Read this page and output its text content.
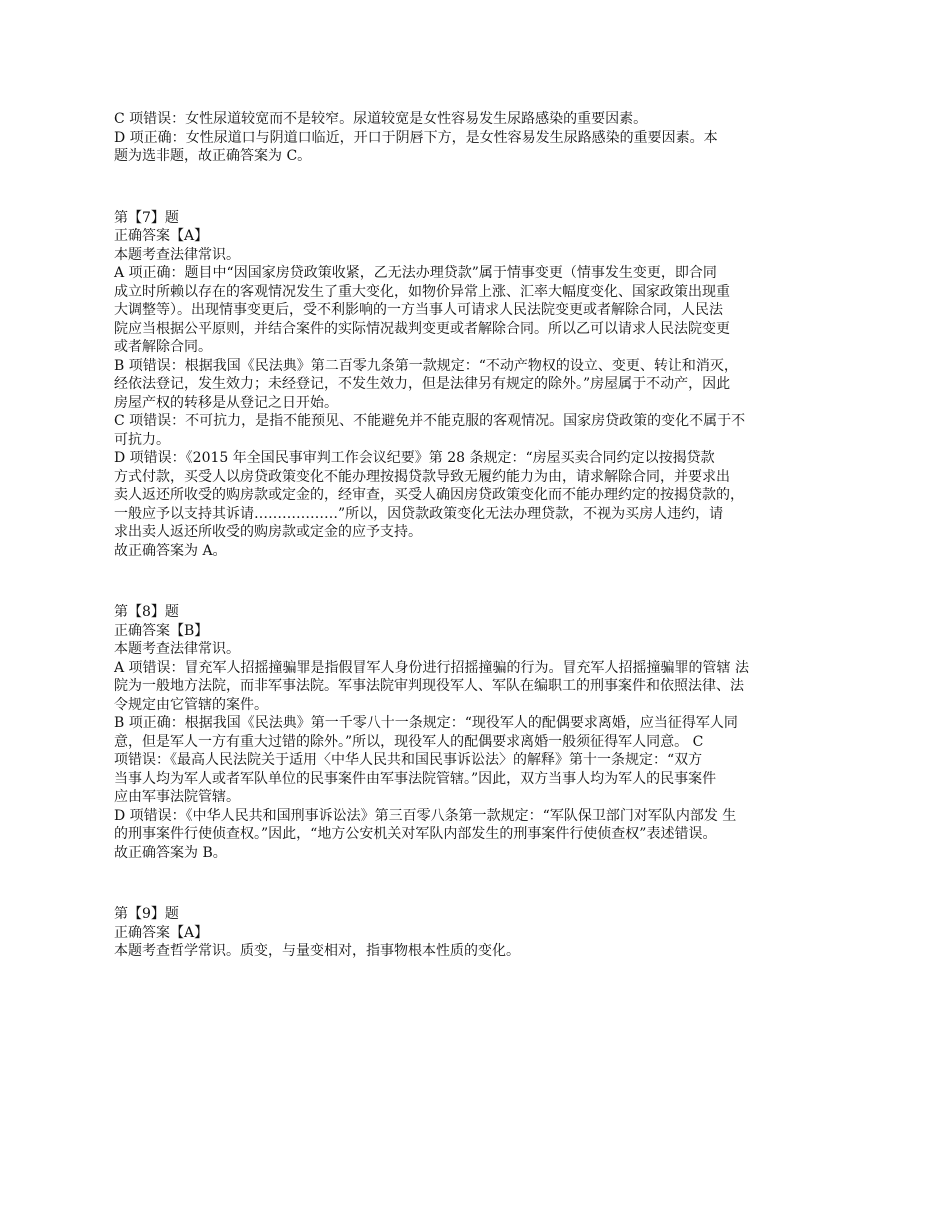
C 项错误：女性尿道较宽而不是较窄。尿道较宽是女性容易发生尿路感染的重要因素。
D 项正确：女性尿道口与阴道口临近，开口于阴唇下方，是女性容易发生尿路感染的重要因素。本
题为选非题，故正确答案为 C。
第【7】题
正确答案【A】
本题考查法律常识。
A 项正确：题目中“因国家房贷政策收紧，乙无法办理贷款”属于情事变更（情事发生变更，即合同
成立时所赖以存在的客观情况发生了重大变化，如物价异常上涨、汇率大幅度变化、国家政策出现重
大调整等）。出现情事变更后，受不利影响的一方当事人可请求人民法院变更或者解除合同，人民法
院应当根据公平原则，并结合案件的实际情况裁判变更或者解除合同。所以乙可以请求人民法院变更
或者解除合同。
B 项错误：根据我国《民法典》第二百零九条第一款规定：“不动产物权的设立、变更、转让和消灭，
经依法登记，发生效力；未经登记，不发生效力，但是法律另有规定的除外。”房屋属于不动产，因此
房屋产权的转移是从登记之日开始。
C 项错误：不可抗力，是指不能预见、不能避免并不能克服的客观情况。国家房贷政策的变化不属于不
可抗力。
D 项错误：《2015 年全国民事审判工作会议纪要》第 28 条规定：“房屋买卖合同约定以按揭贷款
方式付款，买受人以房贷政策变化不能办理按揭贷款导致无履约能力为由，请求解除合同，并要求出
卖人返还所收受的购房款或定金的，经审查，买受人确因房贷政策变化而不能办理约定的按揭贷款的，
一般应予以支持其诉请………………”所以，因贷款政策变化无法办理贷款，不视为买房人违约，请
求出卖人返还所收受的购房款或定金的应予支持。
故正确答案为 A。
第【8】题
正确答案【B】
本题考查法律常识。
A 项错误：冒充军人招摇撞骗罪是指假冒军人身份进行招摇撞骗的行为。冒充军人招摇撞骗罪的管辖 法
院为一般地方法院，而非军事法院。军事法院审判现役军人、军队在编职工的刑事案件和依照法律、法
令规定由它管辖的案件。
B 项正确：根据我国《民法典》第一千零八十一条规定：“现役军人的配偶要求离婚，应当征得军人同
意，但是军人一方有重大过错的除外。”所以，现役军人的配偶要求离婚一般须征得军人同意。 C
项错误：《最高人民法院关于适用〈中华人民共和国民事诉讼法〉的解释》第十一条规定：“双方
当事人均为军人或者军队单位的民事案件由军事法院管辖。”因此，双方当事人均为军人的民事案件
应由军事法院管辖。
D 项错误：《中华人民共和国刑事诉讼法》第三百零八条第一款规定：“军队保卫部门对军队内部发 生
的刑事案件行使侦查权。”因此，“地方公安机关对军队内部发生的刑事案件行使侦查权”表述错误。
故正确答案为 B。
第【9】题
正确答案【A】
本题考查哲学常识。质变，与量变相对，指事物根本性质的变化。
